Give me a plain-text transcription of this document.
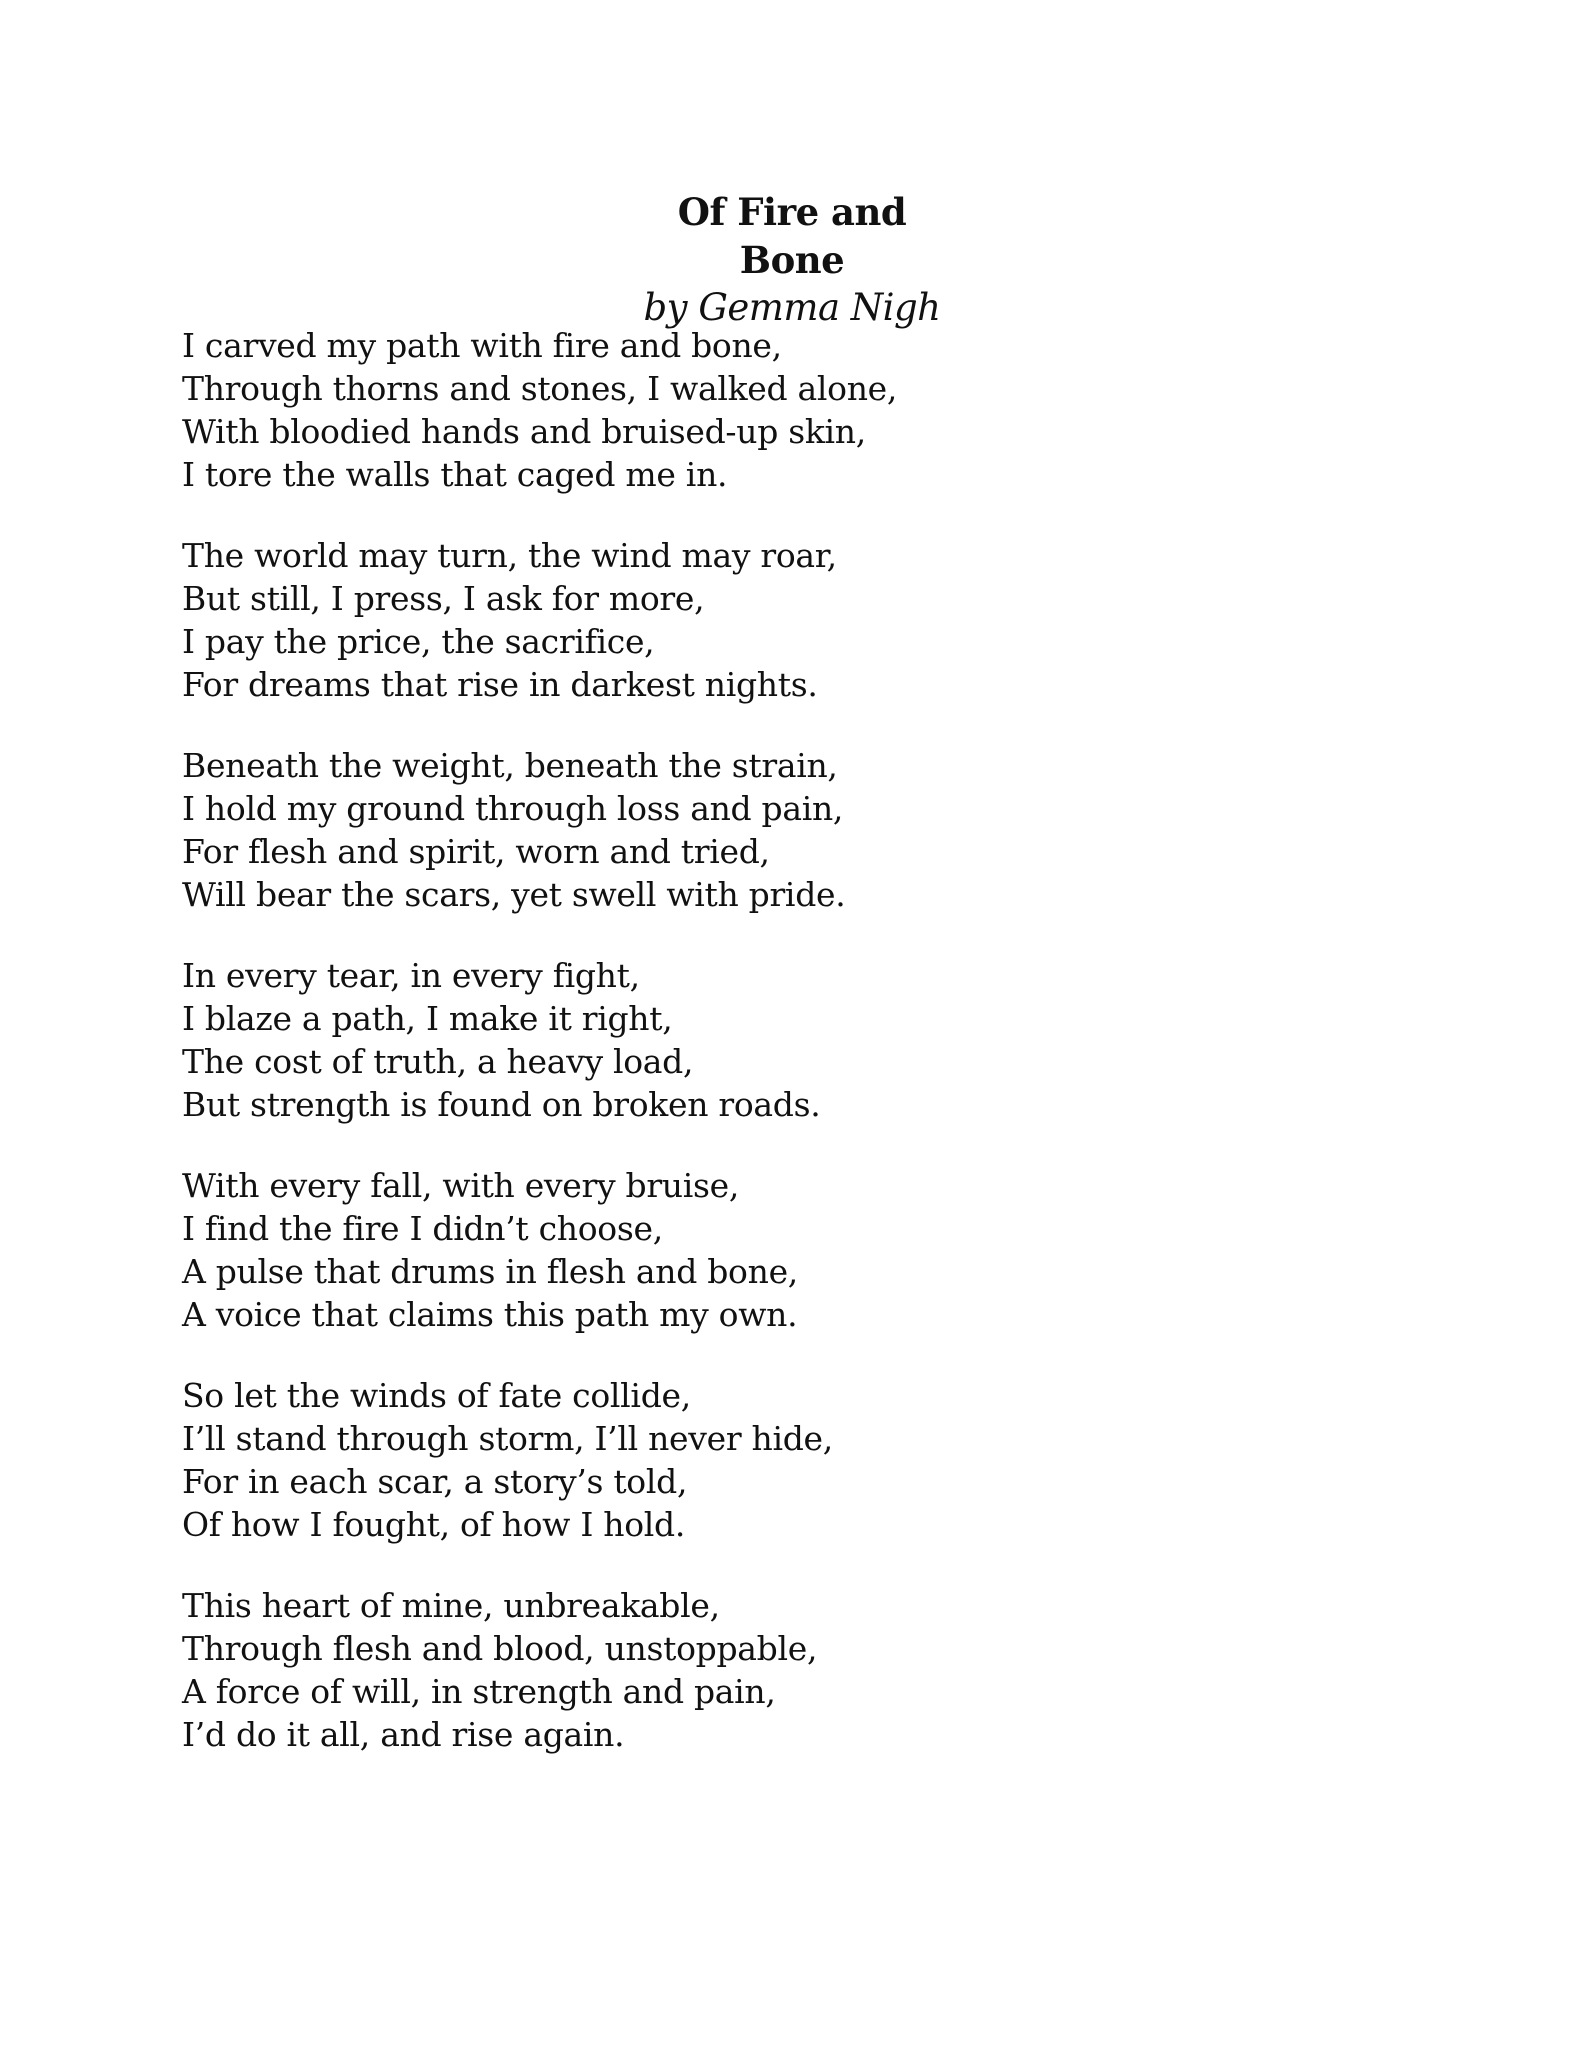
Of Fire and Bone

by Gemma Nigh

I carved my path with fire and bone,
Through thorns and stones, I walked alone,
With bloodied hands and bruised-up skin,
I tore the walls that caged me in.
The world may turn, the wind may roar,
But still, I press, I ask for more,
I pay the price, the sacrifice,
For dreams that rise in darkest nights.
Beneath the weight, beneath the strain,
I hold my ground through loss and pain,
For flesh and spirit, worn and tried,
Will bear the scars, yet swell with pride.
In every tear, in every fight,
I blaze a path, I make it right,
The cost of truth, a heavy load,
But strength is found on broken roads.
With every fall, with every bruise,
I find the fire I didn’t choose,
A pulse that drums in flesh and bone,
A voice that claims this path my own.
So let the winds of fate collide,
I’ll stand through storm, I’ll never hide,
For in each scar, a story’s told,
Of how I fought, of how I hold.
This heart of mine, unbreakable,
Through flesh and blood, unstoppable,
A force of will, in strength and pain,
I’d do it all, and rise again.
